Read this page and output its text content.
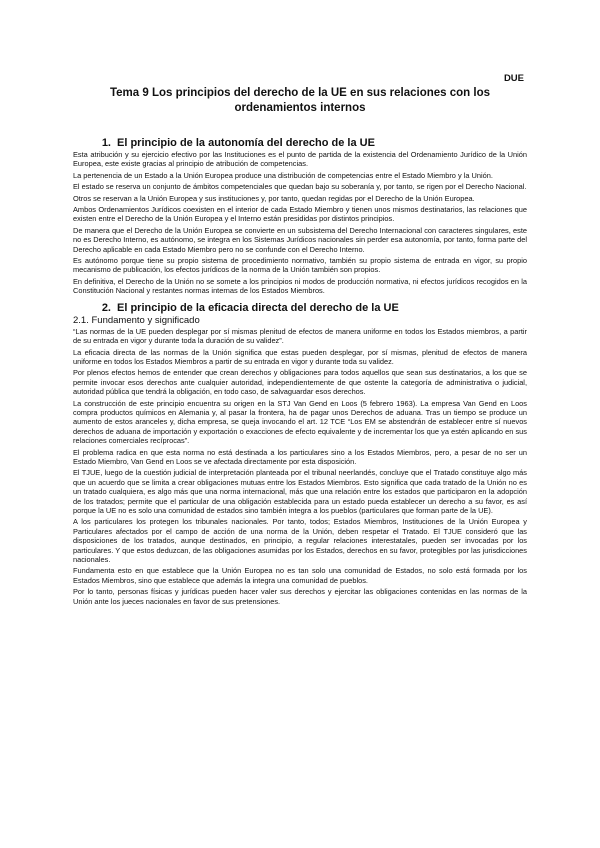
DUE
Tema 9 Los principios del derecho de la UE en sus relaciones con los ordenamientos internos
1. El principio de la autonomía del derecho de la UE

Esta atribución y su ejercicio efectivo por las Instituciones es el punto de partida de la existencia del Ordenamiento Jurídico de la Unión Europea, este existe gracias al principio de atribución de competencias.

La pertenencia de un Estado a la Unión Europea produce una distribución de competencias entre el Estado Miembro y la Unión.

El estado se reserva un conjunto de ámbitos competenciales que quedan bajo su soberanía y, por tanto, se rigen por el Derecho Nacional.

Otros se reservan a la Unión Europea y sus instituciones y, por tanto, quedan regidas por el Derecho de la Unión Europea.

Ambos Ordenamientos Jurídicos coexisten en el interior de cada Estado Miembro y tienen unos mismos destinatarios, las relaciones que existen entre el Derecho de la Unión Europea y el Interno están presididas por distintos principios.

De manera que el Derecho de la Unión Europea se convierte en un subsistema del Derecho Internacional con caracteres singulares, este no es Derecho Interno, es autónomo, se integra en los Sistemas Jurídicos nacionales sin perder esa autonomía, por tanto, forma parte del Derecho aplicable en cada Estado Miembro pero no se confunde con el Derecho Interno.

Es autónomo porque tiene su propio sistema de procedimiento normativo, también su propio sistema de entrada en vigor, su propio mecanismo de publicación, los efectos jurídicos de la norma de la Unión también son propios.

En definitiva, el Derecho de la Unión no se somete a los principios ni modos de producción normativa, ni efectos jurídicos recogidos en la Constitución Nacional y restantes normas internas de los Estados Miembros.

2. El principio de la eficacia directa del derecho de la UE
2.1. Fundamento y significado

“Las normas de la UE pueden desplegar por sí mismas plenitud de efectos de manera uniforme en todos los Estados miembros, a partir de su entrada en vigor y durante toda la duración de su validez”.

La eficacia directa de las normas de la Unión significa que estas pueden desplegar, por sí mismas, plenitud de efectos de manera uniforme en todos los Estados Miembros a partir de su entrada en vigor y durante toda su validez.

Por plenos efectos hemos de entender que crean derechos y obligaciones para todos aquellos que sean sus destinatarios, a los que se permite invocar esos derechos ante cualquier autoridad, independientemente de que ostente la categoría de administrativa o judicial, autoridad pública que tendrá la obligación, en todo caso, de salvaguardar esos derechos.

La construcción de este principio encuentra su origen en la STJ Van Gend en Loos (5 febrero 1963). La empresa Van Gend en Loos compra productos químicos en Alemania y, al pasar la frontera, ha de pagar unos Derechos de aduana. Tras un tiempo se produce un aumento de estos aranceles y, dicha empresa, se queja invocando el art. 12 TCE “Los EM se abstendrán de establecer entre sí nuevos derechos de aduana de importación y exportación o exacciones de efecto equivalente y de incrementar los que ya estén aplicando en sus relaciones comerciales recíprocas”.

El problema radica en que esta norma no está destinada a los particulares sino a los Estados Miembros, pero, a pesar de no ser un Estado Miembro, Van Gend en Loos se ve afectada directamente por esta disposición.

El TJUE, luego de la cuestión judicial de interpretación planteada por el tribunal neerlandés, concluye que el Tratado constituye algo más que un acuerdo que se limita a crear obligaciones mutuas entre los Estados Miembros. Esto significa que cada tratado de la Unión no es un tratado cualquiera, es algo más que una norma internacional, más que una relación entre los estados que participaron en la adopción de los tratados; permite que el particular de una obligación establecida para un estado pueda establecer un derecho a su favor, es así porque la UE no es solo una comunidad de estados sino también integra a los pueblos (particulares que forman parte de la UE).

A los particulares los protegen los tribunales nacionales. Por tanto, todos; Estados Miembros, Instituciones de la Unión Europea y Particulares afectados por el campo de acción de una norma de la Unión, deben respetar el Tratado. El TJUE consideró que las disposiciones de los tratados, aunque destinados, en principio, a regular relaciones interestatales, pueden ser invocadas por los particulares. Y que estos deduzcan, de las obligaciones asumidas por los Estados, derechos en su favor, protegibles por las jurisdicciones nacionales.

Fundamenta esto en que establece que la Unión Europea no es tan solo una comunidad de Estados, no solo está formada por los Estados Miembros, sino que establece que además la integra una comunidad de pueblos.

Por lo tanto, personas físicas y jurídicas pueden hacer valer sus derechos y ejercitar las obligaciones contenidas en las normas de la Unión ante los jueces nacionales en favor de sus pretensiones.
